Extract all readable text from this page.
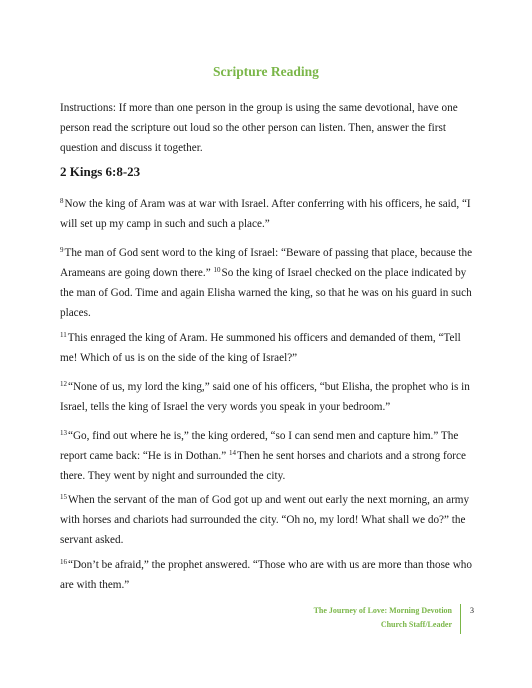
Scripture Reading

Instructions: If more than one person in the group is using the same devotional, have one person read the scripture out loud so the other person can listen. Then, answer the first question and discuss it together.

2 Kings 6:8-23

$^8$Now the king of Aram was at war with Israel. After conferring with his officers, he said, “I will set up my camp in such and such a place.”

$^9$The man of God sent word to the king of Israel: “Beware of passing that place, because the Arameans are going down there.” $^{10}$So the king of Israel checked on the place indicated by the man of God. Time and again Elisha warned the king, so that he was on his guard in such places.

$^{11}$This enraged the king of Aram. He summoned his officers and demanded of them, “Tell me! Which of us is on the side of the king of Israel?”

$^{12}$“None of us, my lord the king,” said one of his officers, “but Elisha, the prophet who is in Israel, tells the king of Israel the very words you speak in your bedroom.”

$^{13}$“Go, find out where he is,” the king ordered, “so I can send men and capture him.” The report came back: “He is in Dothan.” $^{14}$Then he sent horses and chariots and a strong force there. They went by night and surrounded the city.

$^{15}$When the servant of the man of God got up and went out early the next morning, an army with horses and chariots had surrounded the city. “Oh no, my lord! What shall we do?” the servant asked.

$^{16}$“Don’t be afraid,” the prophet answered. “Those who are with us are more than those who are with them.”

The Journey of Love: Morning Devotion
Church Staff/Leader
3
